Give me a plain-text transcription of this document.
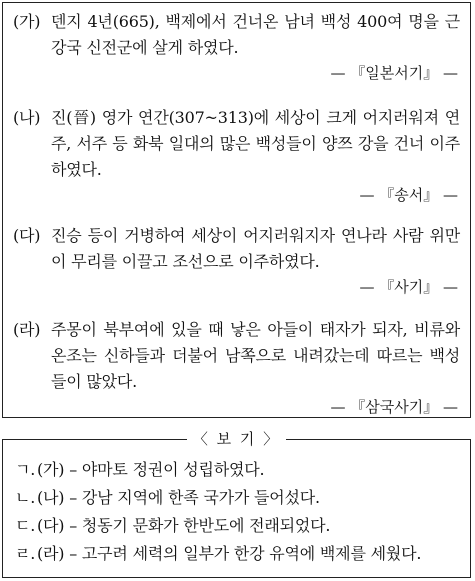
(가) 덴지 4년(665), 백제에서 건너온 남녀 백성 400여 명을 근강국 신전군에 살게 하였다.
— 『일본서기』 —
(나) 진(晉) 영가 연간(307~313)에 세상이 크게 어지러워져 연주, 서주 등 화북 일대의 많은 백성들이 양쯔 강을 건너 이주하였다.
— 『송서』 —
(다) 진승 등이 거병하여 세상이 어지러워지자 연나라 사람 위만이 무리를 이끌고 조선으로 이주하였다.
— 『사기』 —
(라) 주몽이 북부여에 있을 때 낳은 아들이 태자가 되자, 비류와 온조는 신하들과 더불어 남쪽으로 내려갔는데 따르는 백성들이 많았다.
— 『삼국사기』 —
〈 보 기 〉
ㄱ. (가) – 야마토 정권이 성립하였다.
ㄴ. (나) – 강남 지역에 한족 국가가 들어섰다.
ㄷ. (다) – 청동기 문화가 한반도에 전래되었다.
ㄹ. (라) – 고구려 세력의 일부가 한강 유역에 백제를 세웠다.
